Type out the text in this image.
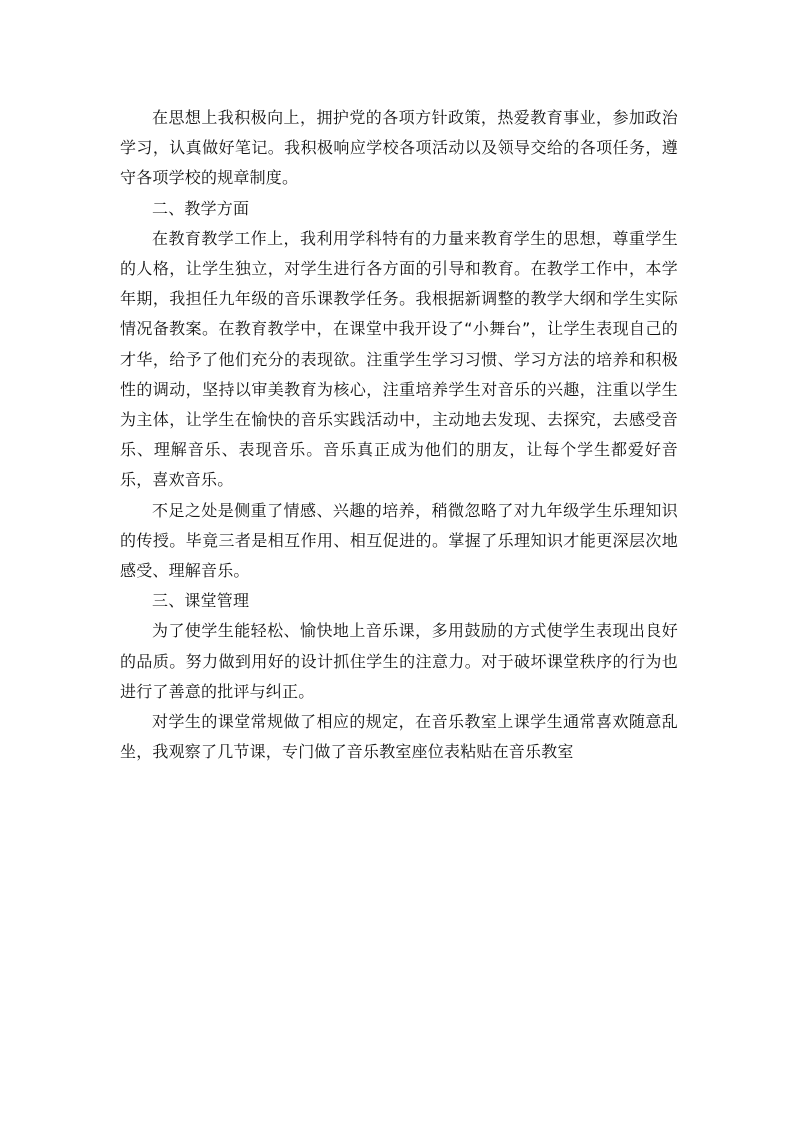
在思想上我积极向上，拥护党的各项方针政策，热爱教育事业，参加政治学习，认真做好笔记。我积极响应学校各项活动以及领导交给的各项任务，遵守各项学校的规章制度。

二、教学方面

在教育教学工作上，我利用学科特有的力量来教育学生的思想，尊重学生的人格，让学生独立，对学生进行各方面的引导和教育。在教学工作中，本学年期，我担任九年级的音乐课教学任务。我根据新调整的教学大纲和学生实际情况备教案。在教育教学中，在课堂中我开设了“小舞台”，让学生表现自己的才华，给予了他们充分的表现欲。注重学生学习习惯、学习方法的培养和积极性的调动，坚持以审美教育为核心，注重培养学生对音乐的兴趣，注重以学生为主体，让学生在愉快的音乐实践活动中，主动地去发现、去探究，去感受音乐、理解音乐、表现音乐。音乐真正成为他们的朋友，让每个学生都爱好音乐，喜欢音乐。

不足之处是侧重了情感、兴趣的培养，稍微忽略了对九年级学生乐理知识的传授。毕竟三者是相互作用、相互促进的。掌握了乐理知识才能更深层次地感受、理解音乐。

三、课堂管理

为了使学生能轻松、愉快地上音乐课，多用鼓励的方式使学生表现出良好的品质。努力做到用好的设计抓住学生的注意力。对于破坏课堂秩序的行为也进行了善意的批评与纠正。

对学生的课堂常规做了相应的规定，在音乐教室上课学生通常喜欢随意乱坐，我观察了几节课，专门做了音乐教室座位表粘贴在音乐教室
